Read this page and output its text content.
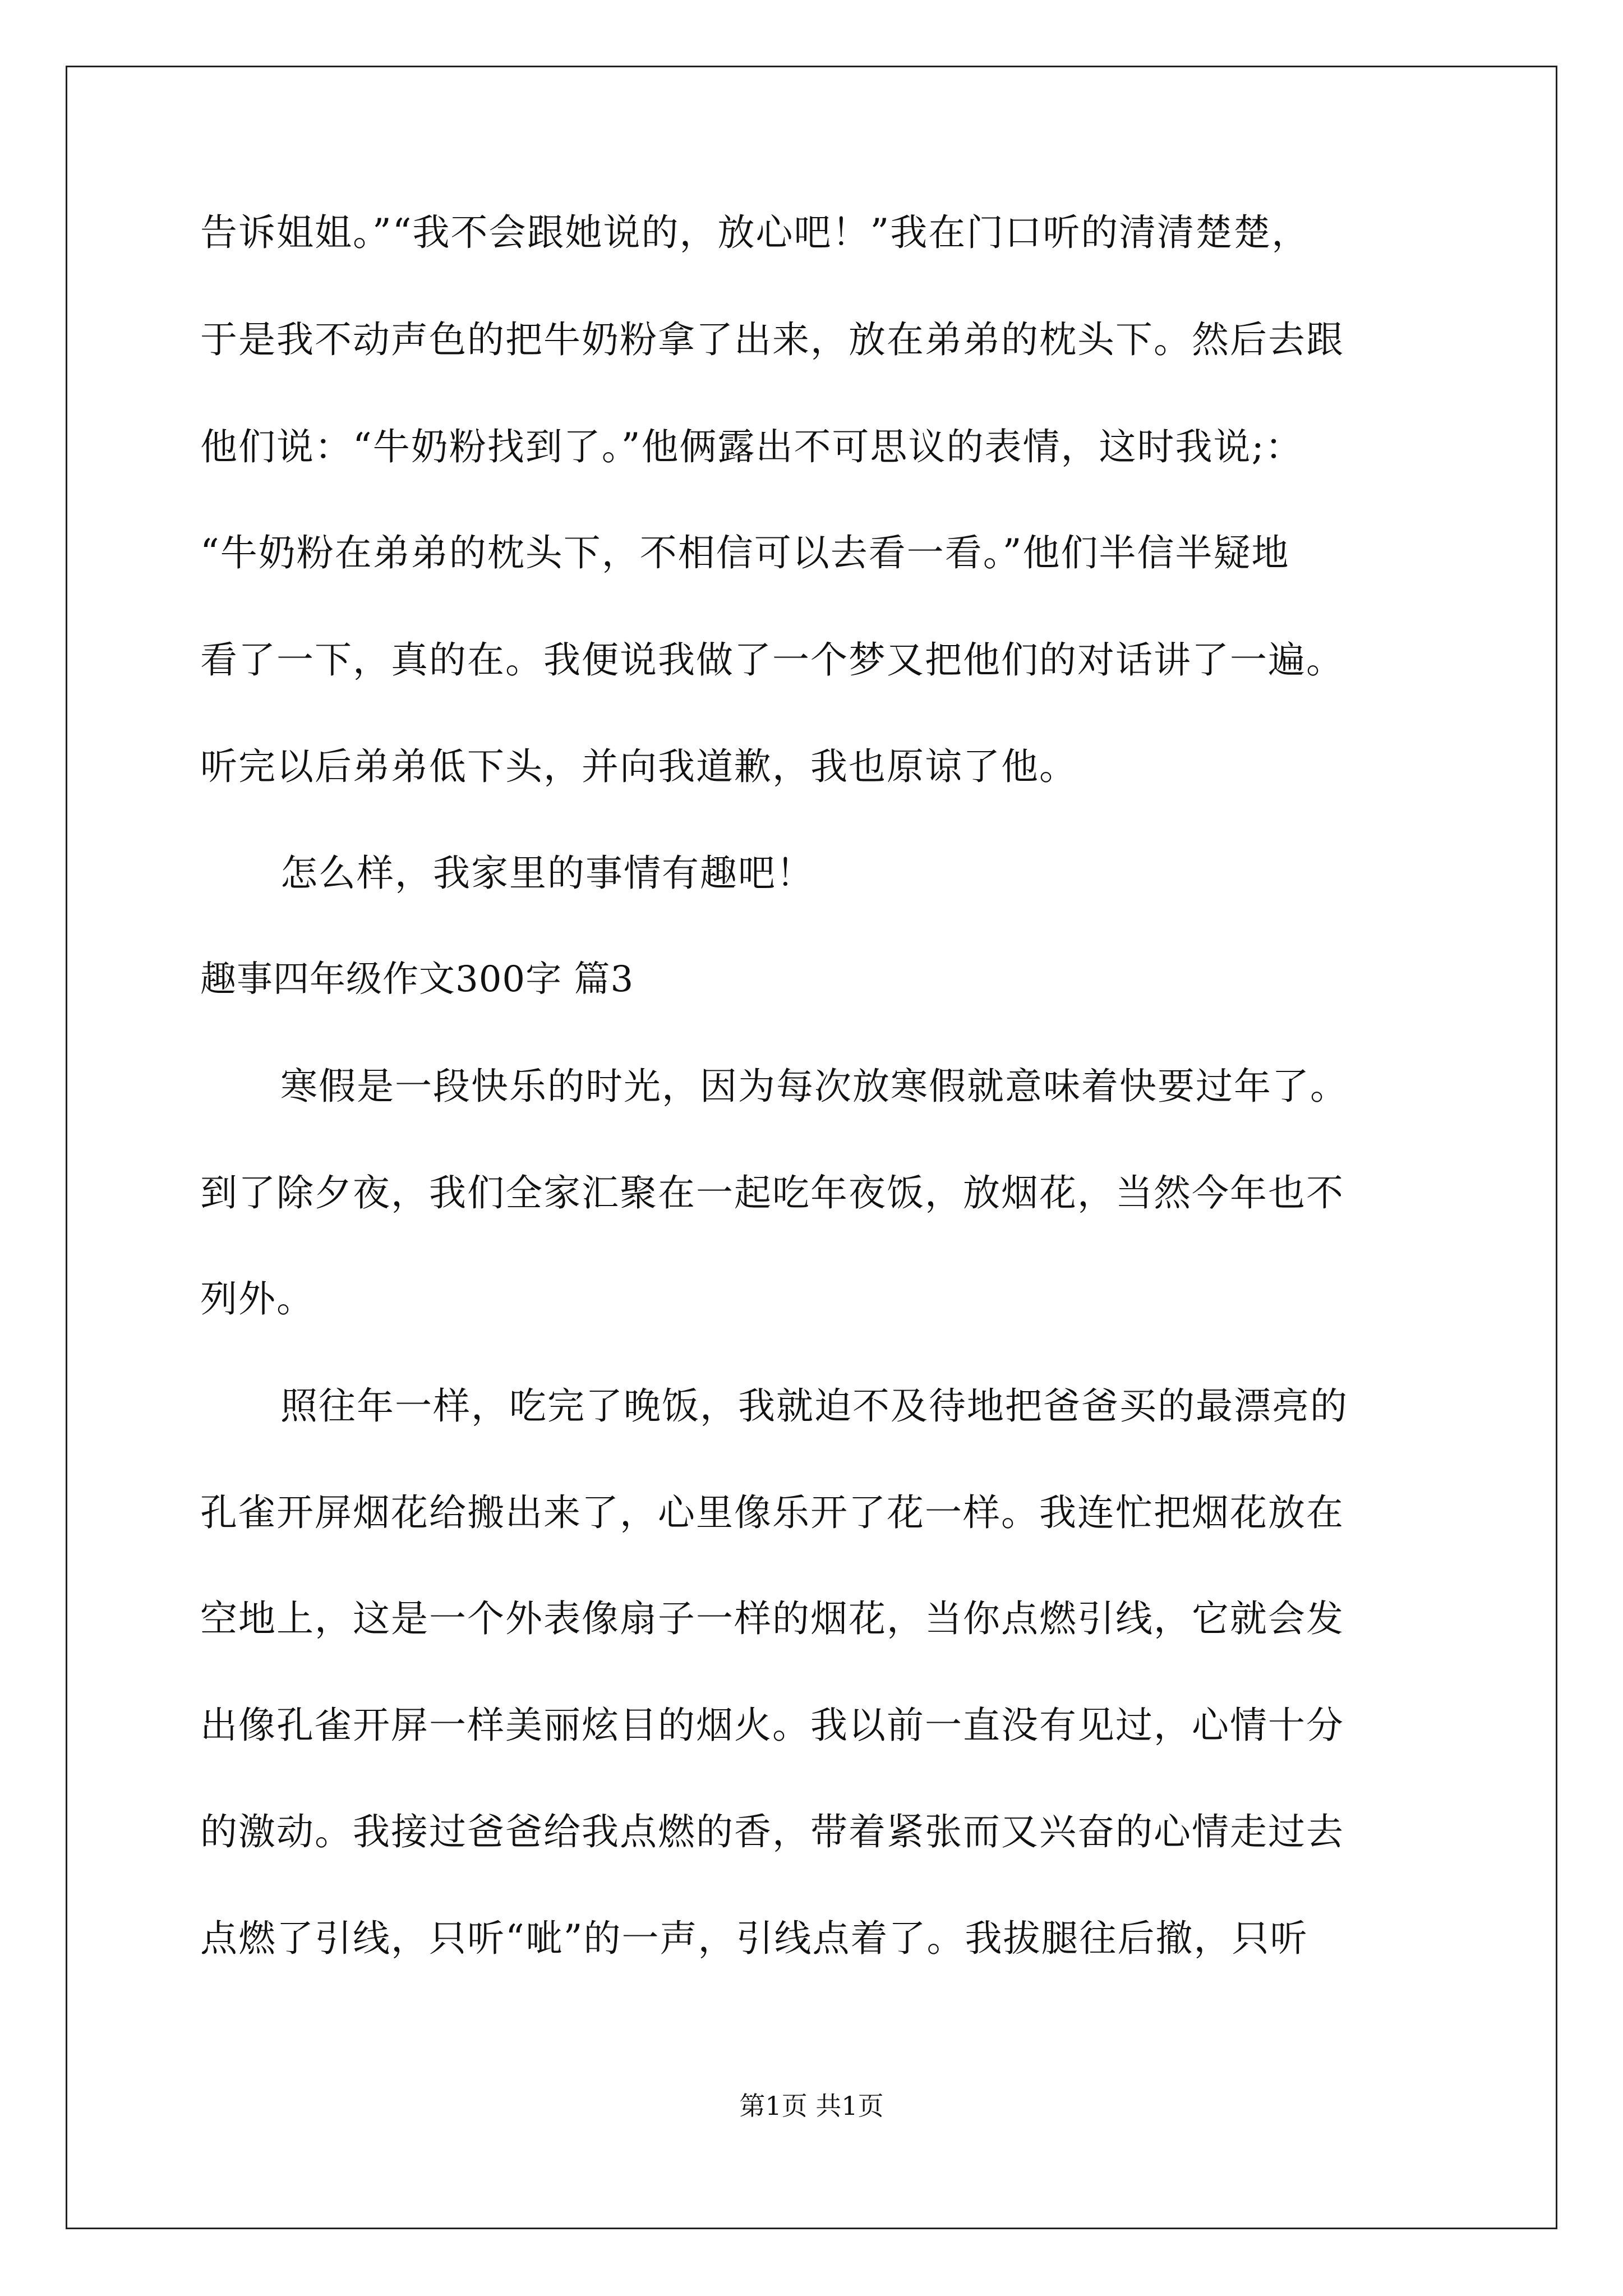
告诉姐姐。”“我不会跟她说的，放心吧！”我在门口听的清清楚楚，
于是我不动声色的把牛奶粉拿了出来，放在弟弟的枕头下。然后去跟
他们说：“牛奶粉找到了。”他俩露出不可思议的表情，这时我说;：
“牛奶粉在弟弟的枕头下，不相信可以去看一看。”他们半信半疑地
看了一下，真的在。我便说我做了一个梦又把他们的对话讲了一遍。
听完以后弟弟低下头，并向我道歉，我也原谅了他。
怎么样，我家里的事情有趣吧！
趣事四年级作文300字 篇3
寒假是一段快乐的时光，因为每次放寒假就意味着快要过年了。
到了除夕夜，我们全家汇聚在一起吃年夜饭，放烟花，当然今年也不
列外。
照往年一样，吃完了晚饭，我就迫不及待地把爸爸买的最漂亮的
孔雀开屏烟花给搬出来了，心里像乐开了花一样。我连忙把烟花放在
空地上，这是一个外表像扇子一样的烟花，当你点燃引线，它就会发
出像孔雀开屏一样美丽炫目的烟火。我以前一直没有见过，心情十分
的激动。我接过爸爸给我点燃的香，带着紧张而又兴奋的心情走过去
点燃了引线，只听“呲”的一声，引线点着了。我拔腿往后撤，只听
第1页 共1页
